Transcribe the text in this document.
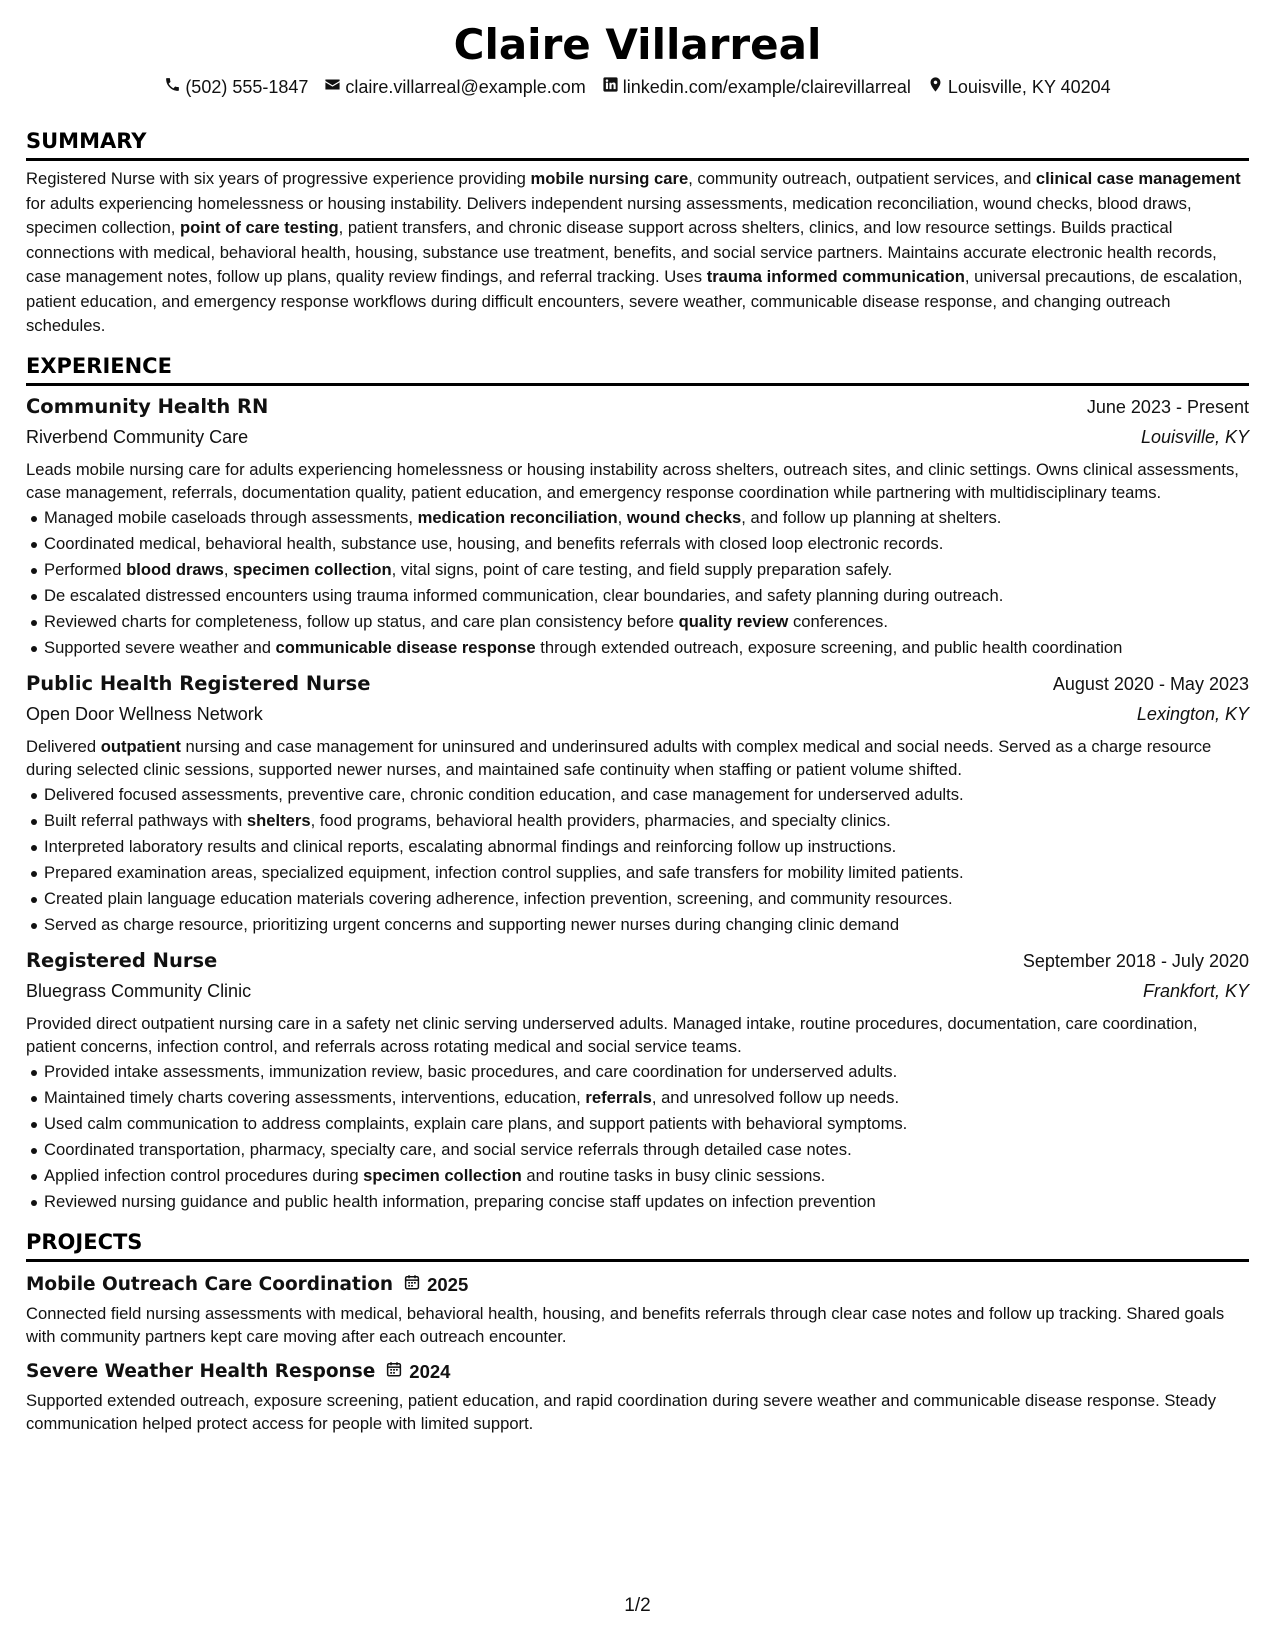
Claire Villarreal
(502) 555-1847 claire.villarreal@example.com linkedin.com/example/clairevillarreal Louisville, KY 40204
SUMMARY

Registered Nurse with six years of progressive experience providing mobile nursing care, community outreach, outpatient services, and clinical case management for adults experiencing homelessness or housing instability. Delivers independent nursing assessments, medication reconciliation, wound checks, blood draws, specimen collection, point of care testing, patient transfers, and chronic disease support across shelters, clinics, and low resource settings. Builds practical connections with medical, behavioral health, housing, substance use treatment, benefits, and social service partners. Maintains accurate electronic health records, case management notes, follow up plans, quality review findings, and referral tracking. Uses trauma informed communication, universal precautions, de escalation, patient education, and emergency response workflows during difficult encounters, severe weather, communicable disease response, and changing outreach schedules.

EXPERIENCE
Community Health RN	June 2023 - Present
Riverbend Community Care	Louisville, KY

Leads mobile nursing care for adults experiencing homelessness or housing instability across shelters, outreach sites, and clinic settings. Owns clinical assessments, case management, referrals, documentation quality, patient education, and emergency response coordination while partnering with multidisciplinary teams.

Managed mobile caseloads through assessments, medication reconciliation, wound checks, and follow up planning at shelters.
Coordinated medical, behavioral health, substance use, housing, and benefits referrals with closed loop electronic records.
Performed blood draws, specimen collection, vital signs, point of care testing, and field supply preparation safely.
De escalated distressed encounters using trauma informed communication, clear boundaries, and safety planning during outreach.
Reviewed charts for completeness, follow up status, and care plan consistency before quality review conferences.
Supported severe weather and communicable disease response through extended outreach, exposure screening, and public health coordination
Public Health Registered Nurse	August 2020 - May 2023
Open Door Wellness Network	Lexington, KY

Delivered outpatient nursing and case management for uninsured and underinsured adults with complex medical and social needs. Served as a charge resource during selected clinic sessions, supported newer nurses, and maintained safe continuity when staffing or patient volume shifted.

Delivered focused assessments, preventive care, chronic condition education, and case management for underserved adults.
Built referral pathways with shelters, food programs, behavioral health providers, pharmacies, and specialty clinics.
Interpreted laboratory results and clinical reports, escalating abnormal findings and reinforcing follow up instructions.
Prepared examination areas, specialized equipment, infection control supplies, and safe transfers for mobility limited patients.
Created plain language education materials covering adherence, infection prevention, screening, and community resources.
Served as charge resource, prioritizing urgent concerns and supporting newer nurses during changing clinic demand
Registered Nurse	September 2018 - July 2020
Bluegrass Community Clinic	Frankfort, KY

Provided direct outpatient nursing care in a safety net clinic serving underserved adults. Managed intake, routine procedures, documentation, care coordination, patient concerns, infection control, and referrals across rotating medical and social service teams.

Provided intake assessments, immunization review, basic procedures, and care coordination for underserved adults.
Maintained timely charts covering assessments, interventions, education, referrals, and unresolved follow up needs.
Used calm communication to address complaints, explain care plans, and support patients with behavioral symptoms.
Coordinated transportation, pharmacy, specialty care, and social service referrals through detailed case notes.
Applied infection control procedures during specimen collection and routine tasks in busy clinic sessions.
Reviewed nursing guidance and public health information, preparing concise staff updates on infection prevention
PROJECTS
Mobile Outreach Care Coordination 2025

Connected field nursing assessments with medical, behavioral health, housing, and benefits referrals through clear case notes and follow up tracking. Shared goals with community partners kept care moving after each outreach encounter.

Severe Weather Health Response 2024

Supported extended outreach, exposure screening, patient education, and rapid coordination during severe weather and communicable disease response. Steady communication helped protect access for people with limited support.

1/2
